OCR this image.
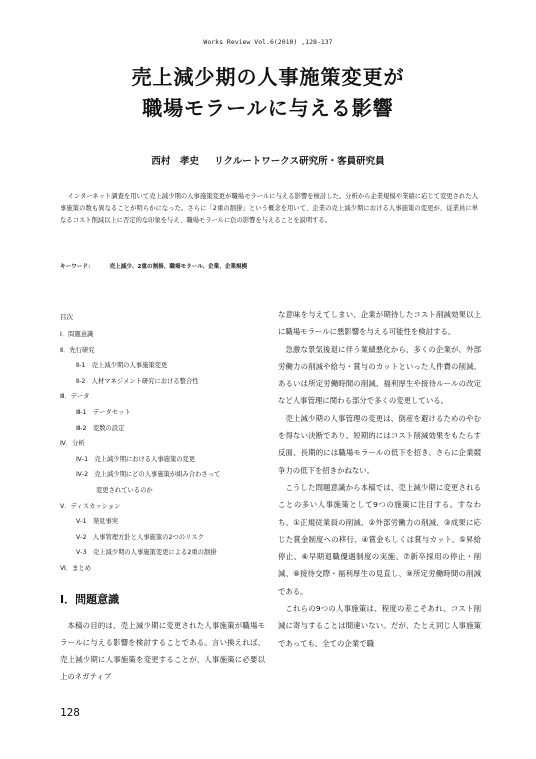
Works Review Vol.6(2010) ,128-137
売上減少期の人事施策変更が
職場モラールに与える影響
西村　孝史 リクルートワークス研究所・客員研究員
インターネット調査を用いて売上減少期の人事施策変更が職場モラールに与える影響を検討した。分析から企業規模や業績に応じて変更された人事施策の数も異なることが明らかになった。さらに「2重の割掛」という概念を用いて、企業の売上減少期における人事施策の変更が、従業員に単なるコスト削減以上に否定的な印象を与え、職場モラールに負の影響を与えることを説明する。
キーワード：	売上減少、2重の割掛、職場モラール、企業、企業規模
目次
Ⅰ．問題意識
Ⅱ．先行研究
Ⅱ-1　売上減少期の人事施策変更
Ⅱ-2　人材マネジメント研究における整合性
Ⅲ．データ
Ⅲ-1　データセット
Ⅲ-2　変数の設定
Ⅳ．分析
Ⅳ-1　売上減少期における人事施策の変更
Ⅳ-2　売上減少期にどの人事施策が組み合わさって
変更されているのか
Ⅴ．ディスカッション
Ⅴ-1　発見事実
Ⅴ-2　人事管理方針と人事施策の2つのリスク
Ⅴ-3　売上減少期の人事施策変更による2重の割掛
Ⅵ．まとめ
Ⅰ．問題意識

本稿の目的は、売上減少期に変更された人事施策が職場モラールに与える影響を検討することである。言い換えれば、売上減少期に人事施策を変更することが、人事施策に必要以上のネガティブ

な意味を与えてしまい、企業が期待したコスト削減効果以上に職場モラールに悪影響を与える可能性を検討する。

急激な景気後退に伴う業績悪化から、多くの企業が、外部労働力の削減や給与・賞与のカットといった人件費の削減、あるいは所定労働時間の削減、福利厚生や接待ルールの改定など人事管理に関わる部分で多くの変更している。

売上減少期の人事管理の変更は、倒産を避けるためのやむを得ない決断であり、短期的にはコスト削減効果をもたらす反面、長期的には職場モラールの低下を招き、さらに企業競争力の低下を招きかねない。

こうした問題意識から本稿では、売上減少期に変更されることの多い人事施策として9つの施策に注目する。すなわち、①正規従業員の削減、②外部労働力の削減、③成果に応じた賞金制度への移行、④賞金もしくは賞与カット、⑤昇給停止、⑥早期退職優遇制度の実施、⑦新卒採用の停止・削減、⑧接待交際・福利厚生の見直し、⑨所定労働時間の削減である。

これらの9つの人事施策は、程度の差こそあれ、コスト削減に寄与することは間違いない。だが、たとえ同じ人事施策であっても、全ての企業で職

128
